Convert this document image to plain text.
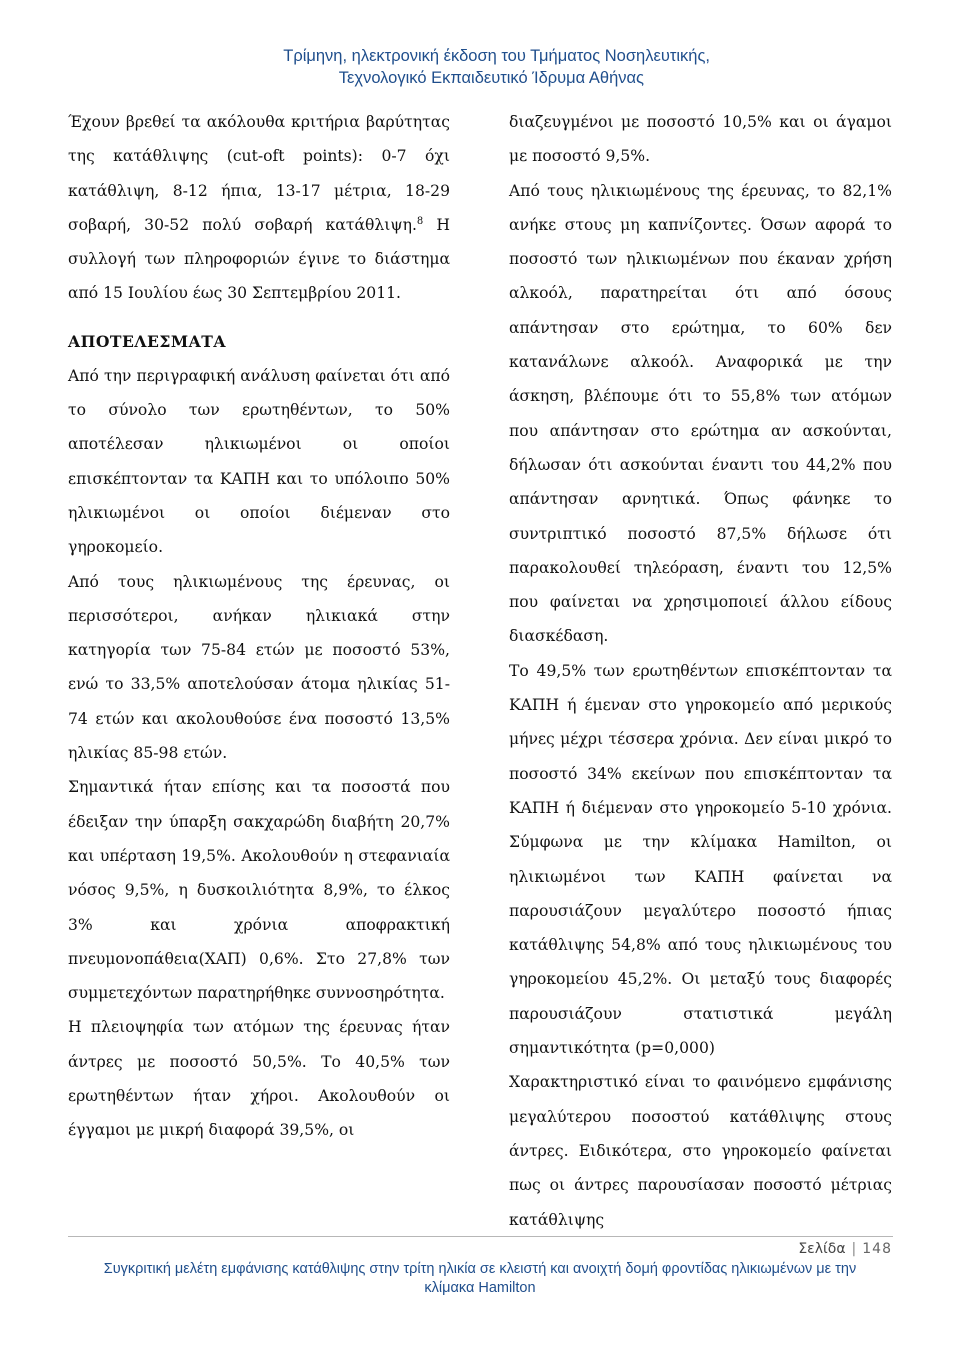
Τρίμηνη, ηλεκτρονική έκδοση του Τμήματος Νοσηλευτικής,
Τεχνολογικό Εκπαιδευτικό Ίδρυμα Αθήνας

Έχουν βρεθεί τα ακόλουθα κριτήρια βαρύτητας της κατάθλιψης (cut-oft points): 0-7 όχι κατάθλιψη, 8-12 ήπια, 13-17 μέτρια, 18-29 σοβαρή, 30-52 πολύ σοβαρή κατάθλιψη.$^8$ Η συλλογή των πληροφοριών έγινε το διάστημα από 15 Ιουλίου έως 30 Σεπτεμβρίου 2011.

ΑΠΟΤΕΛΕΣΜΑΤΑ

Από την περιγραφική ανάλυση φαίνεται ότι από το σύνολο των ερωτηθέντων, το 50% αποτέλεσαν ηλικιωμένοι οι οποίοι επισκέπτονταν τα ΚΑΠΗ και το υπόλοιπο 50% ηλικιωμένοι οι οποίοι διέμεναν στο γηροκομείο.

Από τους ηλικιωμένους της έρευνας, οι περισσότεροι, ανήκαν ηλικιακά στην κατηγορία των 75-84 ετών με ποσοστό 53%, ενώ το 33,5% αποτελούσαν άτομα ηλικίας 51-74 ετών και ακολουθούσε ένα ποσοστό 13,5% ηλικίας 85-98 ετών.

Σημαντικά ήταν επίσης και τα ποσοστά που έδειξαν την ύπαρξη σακχαρώδη διαβήτη 20,7% και υπέρταση 19,5%. Ακολουθούν η στεφανιαία νόσος 9,5%, η δυσκοιλιότητα 8,9%, το έλκος 3% και χρόνια αποφρακτική πνευμονοπάθεια(ΧΑΠ) 0,6%. Στο 27,8% των συμμετεχόντων παρατηρήθηκε συννοσηρότητα.

Η πλειοψηφία των ατόμων της έρευνας ήταν άντρες με ποσοστό 50,5%. Το 40,5% των ερωτηθέντων ήταν χήροι. Ακολουθούν οι έγγαμοι με μικρή διαφορά 39,5%, οι

διαζευγμένοι με ποσοστό 10,5% και οι άγαμοι με ποσοστό 9,5%.

Από τους ηλικιωμένους της έρευνας, το 82,1% ανήκε στους μη καπνίζοντες. Όσων αφορά το ποσοστό των ηλικιωμένων που έκαναν χρήση αλκοόλ, παρατηρείται ότι από όσους απάντησαν στο ερώτημα, το 60% δεν κατανάλωνε αλκοόλ. Αναφορικά με την άσκηση, βλέπουμε ότι το 55,8% των ατόμων που απάντησαν στο ερώτημα αν ασκούνται, δήλωσαν ότι ασκούνται έναντι του 44,2% που απάντησαν αρνητικά. Όπως φάνηκε το συντριπτικό ποσοστό 87,5% δήλωσε ότι παρακολουθεί τηλεόραση, έναντι του 12,5% που φαίνεται να χρησιμοποιεί άλλου είδους διασκέδαση.

Το 49,5% των ερωτηθέντων επισκέπτονταν τα ΚΑΠΗ ή έμεναν στο γηροκομείο από μερικούς μήνες μέχρι τέσσερα χρόνια. Δεν είναι μικρό το ποσοστό 34% εκείνων που επισκέπτονταν τα ΚΑΠΗ ή διέμεναν στο γηροκομείο 5-10 χρόνια. Σύμφωνα με την κλίμακα Hamilton, οι ηλικιωμένοι των ΚΑΠΗ φαίνεται να παρουσιάζουν μεγαλύτερο ποσοστό ήπιας κατάθλιψης 54,8% από τους ηλικιωμένους του γηροκομείου 45,2%. Οι μεταξύ τους διαφορές παρουσιάζουν στατιστικά μεγάλη σημαντικότητα (p=0,000)

Χαρακτηριστικό είναι το φαινόμενο εμφάνισης μεγαλύτερου ποσοστού κατάθλιψης στους άντρες. Ειδικότερα, στο γηροκομείο φαίνεται πως οι άντρες παρουσίασαν ποσοστό μέτριας κατάθλιψης

Σελίδα | 148
Συγκριτική μελέτη εμφάνισης κατάθλιψης στην τρίτη ηλικία σε κλειστή και ανοιχτή δομή φροντίδας ηλικιωμένων με την
κλίμακα Hamilton
